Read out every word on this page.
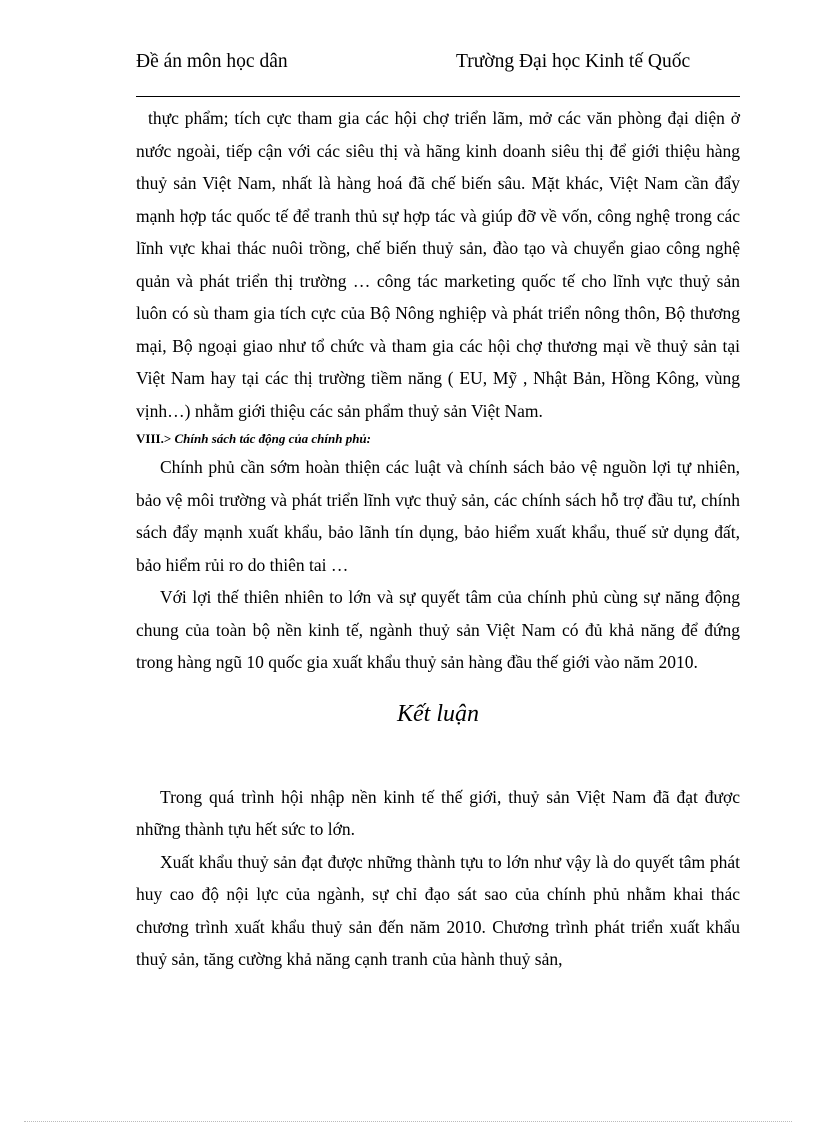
Đề án môn học dân	Trường Đại học Kinh tế Quốc

thực phẩm; tích cực tham gia các hội chợ triển lãm, mở các văn phòng đại diện ở nước ngoài, tiếp cận với các siêu thị và hãng kinh doanh siêu thị để giới thiệu hàng thuỷ sản Việt Nam, nhất là hàng hoá đã chế biến sâu. Mặt khác, Việt Nam cần đẩy mạnh hợp tác quốc tế để tranh thủ sự hợp tác và giúp đỡ về vốn, công nghệ trong các lĩnh vực khai thác nuôi trồng, chế biến thuỷ sản, đào tạo và chuyển giao công nghệ quản và phát triển thị trường … công tác marketing quốc tế cho lĩnh vực thuỷ sản luôn có sù tham gia tích cực của Bộ Nông nghiệp và phát triển nông thôn, Bộ thương mại, Bộ ngoại giao như tổ chức và tham gia các hội chợ thương mại về thuỷ sản tại Việt Nam hay tại các thị trường tiềm năng ( EU, Mỹ , Nhật Bản, Hồng Kông, vùng vịnh…) nhằm giới thiệu các sản phẩm thuỷ sản Việt Nam.

VIII.> Chính sách tác động của chính phủ:

Chính phủ cần sớm hoàn thiện các luật và chính sách bảo vệ nguồn lợi tự nhiên, bảo vệ môi trường và phát triển lĩnh vực thuỷ sản, các chính sách hỗ trợ đầu tư, chính sách đẩy mạnh xuất khẩu, bảo lãnh tín dụng, bảo hiểm xuất khẩu, thuế sử dụng đất, bảo hiểm rủi ro do thiên tai …

Với lợi thế thiên nhiên to lớn và sự quyết tâm của chính phủ cùng sự năng động chung của toàn bộ nền kinh tế, ngành thuỷ sản Việt Nam có đủ khả năng để đứng trong hàng ngũ 10 quốc gia xuất khẩu thuỷ sản hàng đầu thế giới vào năm 2010.

Kết luận

Trong quá trình hội nhập nền kinh tế thế giới, thuỷ sản Việt Nam đã đạt được những thành tựu hết sức to lớn.

Xuất khẩu thuỷ sản đạt được những thành tựu to lớn như vậy là do quyết tâm phát huy cao độ nội lực của ngành, sự chỉ đạo sát sao của chính phủ nhằm khai thác chương trình xuất khẩu thuỷ sản đến năm 2010. Chương trình phát triển xuất khẩu thuỷ sản, tăng cường khả năng cạnh tranh của hành thuỷ sản,
